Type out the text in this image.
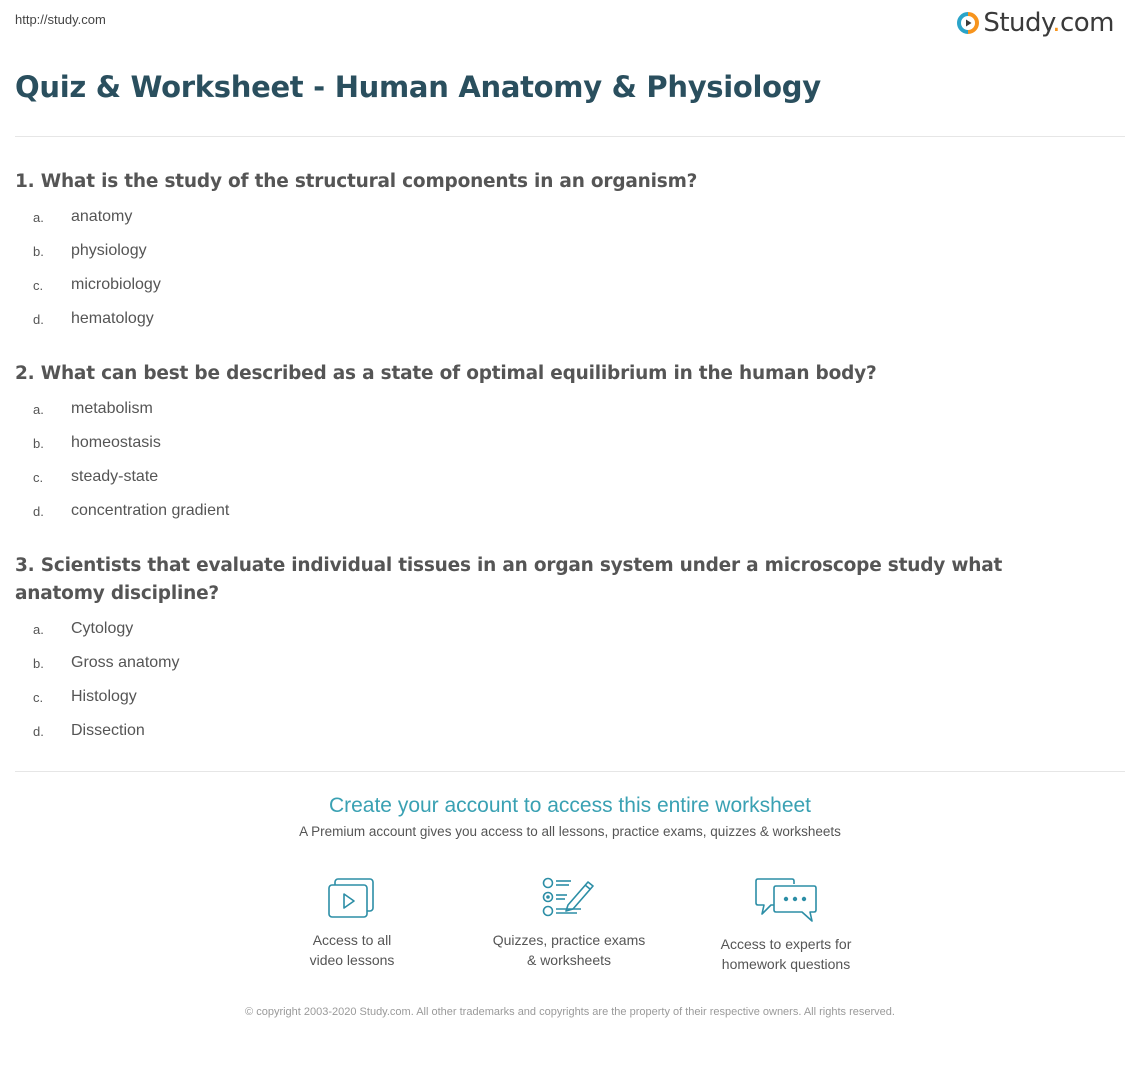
http://study.com	Study.com
Quiz & Worksheet - Human Anatomy & Physiology
1. What is the study of the structural components in an organism?
a.	anatomy
b.	physiology
c.	microbiology
d.	hematology
2. What can best be described as a state of optimal equilibrium in the human body?
a.	metabolism
b.	homeostasis
c.	steady-state
d.	concentration gradient
3. Scientists that evaluate individual tissues in an organ system under a microscope study what anatomy discipline?
a.	Cytology
b.	Gross anatomy
c.	Histology
d.	Dissection
Create your account to access this entire worksheet
A Premium account gives you access to all lessons, practice exams, quizzes & worksheets
Access to all
video lessons
Quizzes, practice exams
& worksheets
Access to experts for
homework questions
© copyright 2003-2020 Study.com. All other trademarks and copyrights are the property of their respective owners. All rights reserved.
